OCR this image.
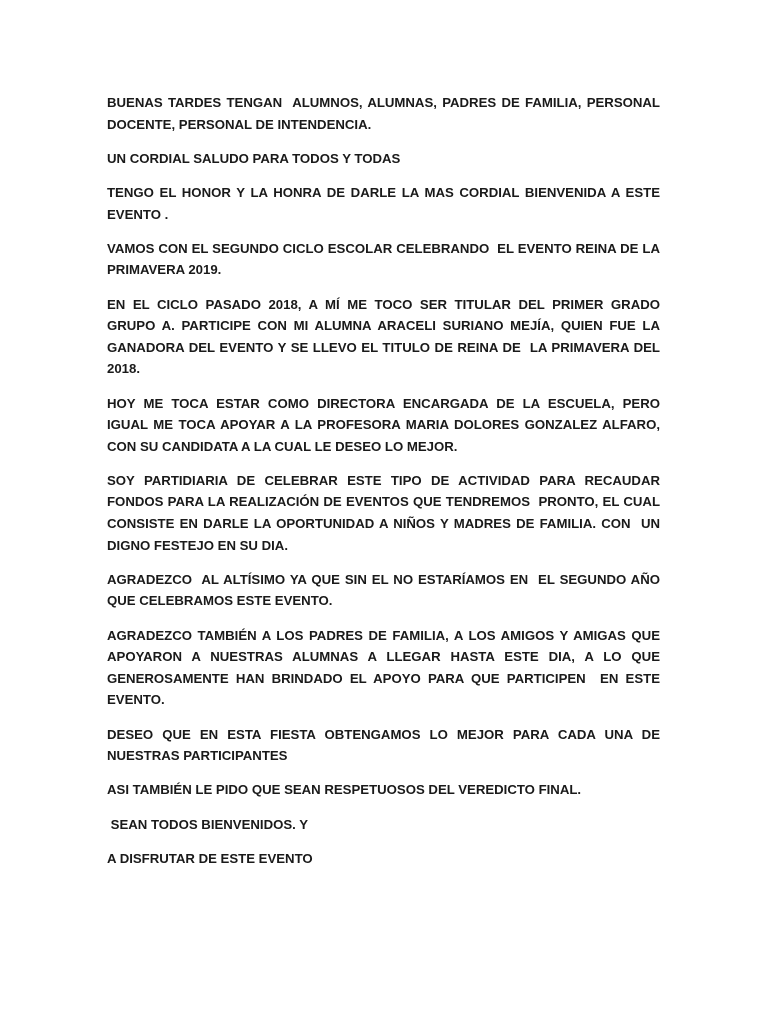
BUENAS TARDES TENGAN  ALUMNOS, ALUMNAS, PADRES DE FAMILIA, PERSONAL DOCENTE, PERSONAL DE INTENDENCIA.

UN CORDIAL SALUDO PARA TODOS Y TODAS

TENGO EL HONOR Y LA HONRA DE DARLE LA MAS CORDIAL BIENVENIDA A ESTE EVENTO .

VAMOS CON EL SEGUNDO CICLO ESCOLAR CELEBRANDO  EL EVENTO REINA DE LA PRIMAVERA 2019.

EN EL CICLO PASADO 2018, A MÍ ME TOCO SER TITULAR DEL PRIMER GRADO GRUPO A. PARTICIPE CON MI ALUMNA ARACELI SURIANO MEJÍA, QUIEN FUE LA GANADORA DEL EVENTO Y SE LLEVO EL TITULO DE REINA DE  LA PRIMAVERA DEL 2018.

HOY ME TOCA ESTAR COMO DIRECTORA ENCARGADA DE LA ESCUELA, PERO IGUAL ME TOCA APOYAR A LA PROFESORA MARIA DOLORES GONZALEZ ALFARO, CON SU CANDIDATA A LA CUAL LE DESEO LO MEJOR.

SOY PARTIDIARIA DE CELEBRAR ESTE TIPO DE ACTIVIDAD PARA RECAUDAR FONDOS PARA LA REALIZACIÓN DE EVENTOS QUE TENDREMOS  PRONTO, EL CUAL CONSISTE EN DARLE LA OPORTUNIDAD A NIÑOS Y MADRES DE FAMILIA. CON  UN DIGNO FESTEJO EN SU DIA.

AGRADEZCO  AL ALTÍSIMO YA QUE SIN EL NO ESTARÍAMOS EN  EL SEGUNDO AÑO QUE CELEBRAMOS ESTE EVENTO.

AGRADEZCO TAMBIÉN A LOS PADRES DE FAMILIA, A LOS AMIGOS Y AMIGAS QUE APOYARON A NUESTRAS ALUMNAS A LLEGAR HASTA ESTE DIA, A LO QUE GENEROSAMENTE HAN BRINDADO EL APOYO PARA QUE PARTICIPEN  EN ESTE EVENTO.

DESEO QUE EN ESTA FIESTA OBTENGAMOS LO MEJOR PARA CADA UNA DE NUESTRAS PARTICIPANTES

ASI TAMBIÉN LE PIDO QUE SEAN RESPETUOSOS DEL VEREDICTO FINAL.

SEAN TODOS BIENVENIDOS. Y

A DISFRUTAR DE ESTE EVENTO
